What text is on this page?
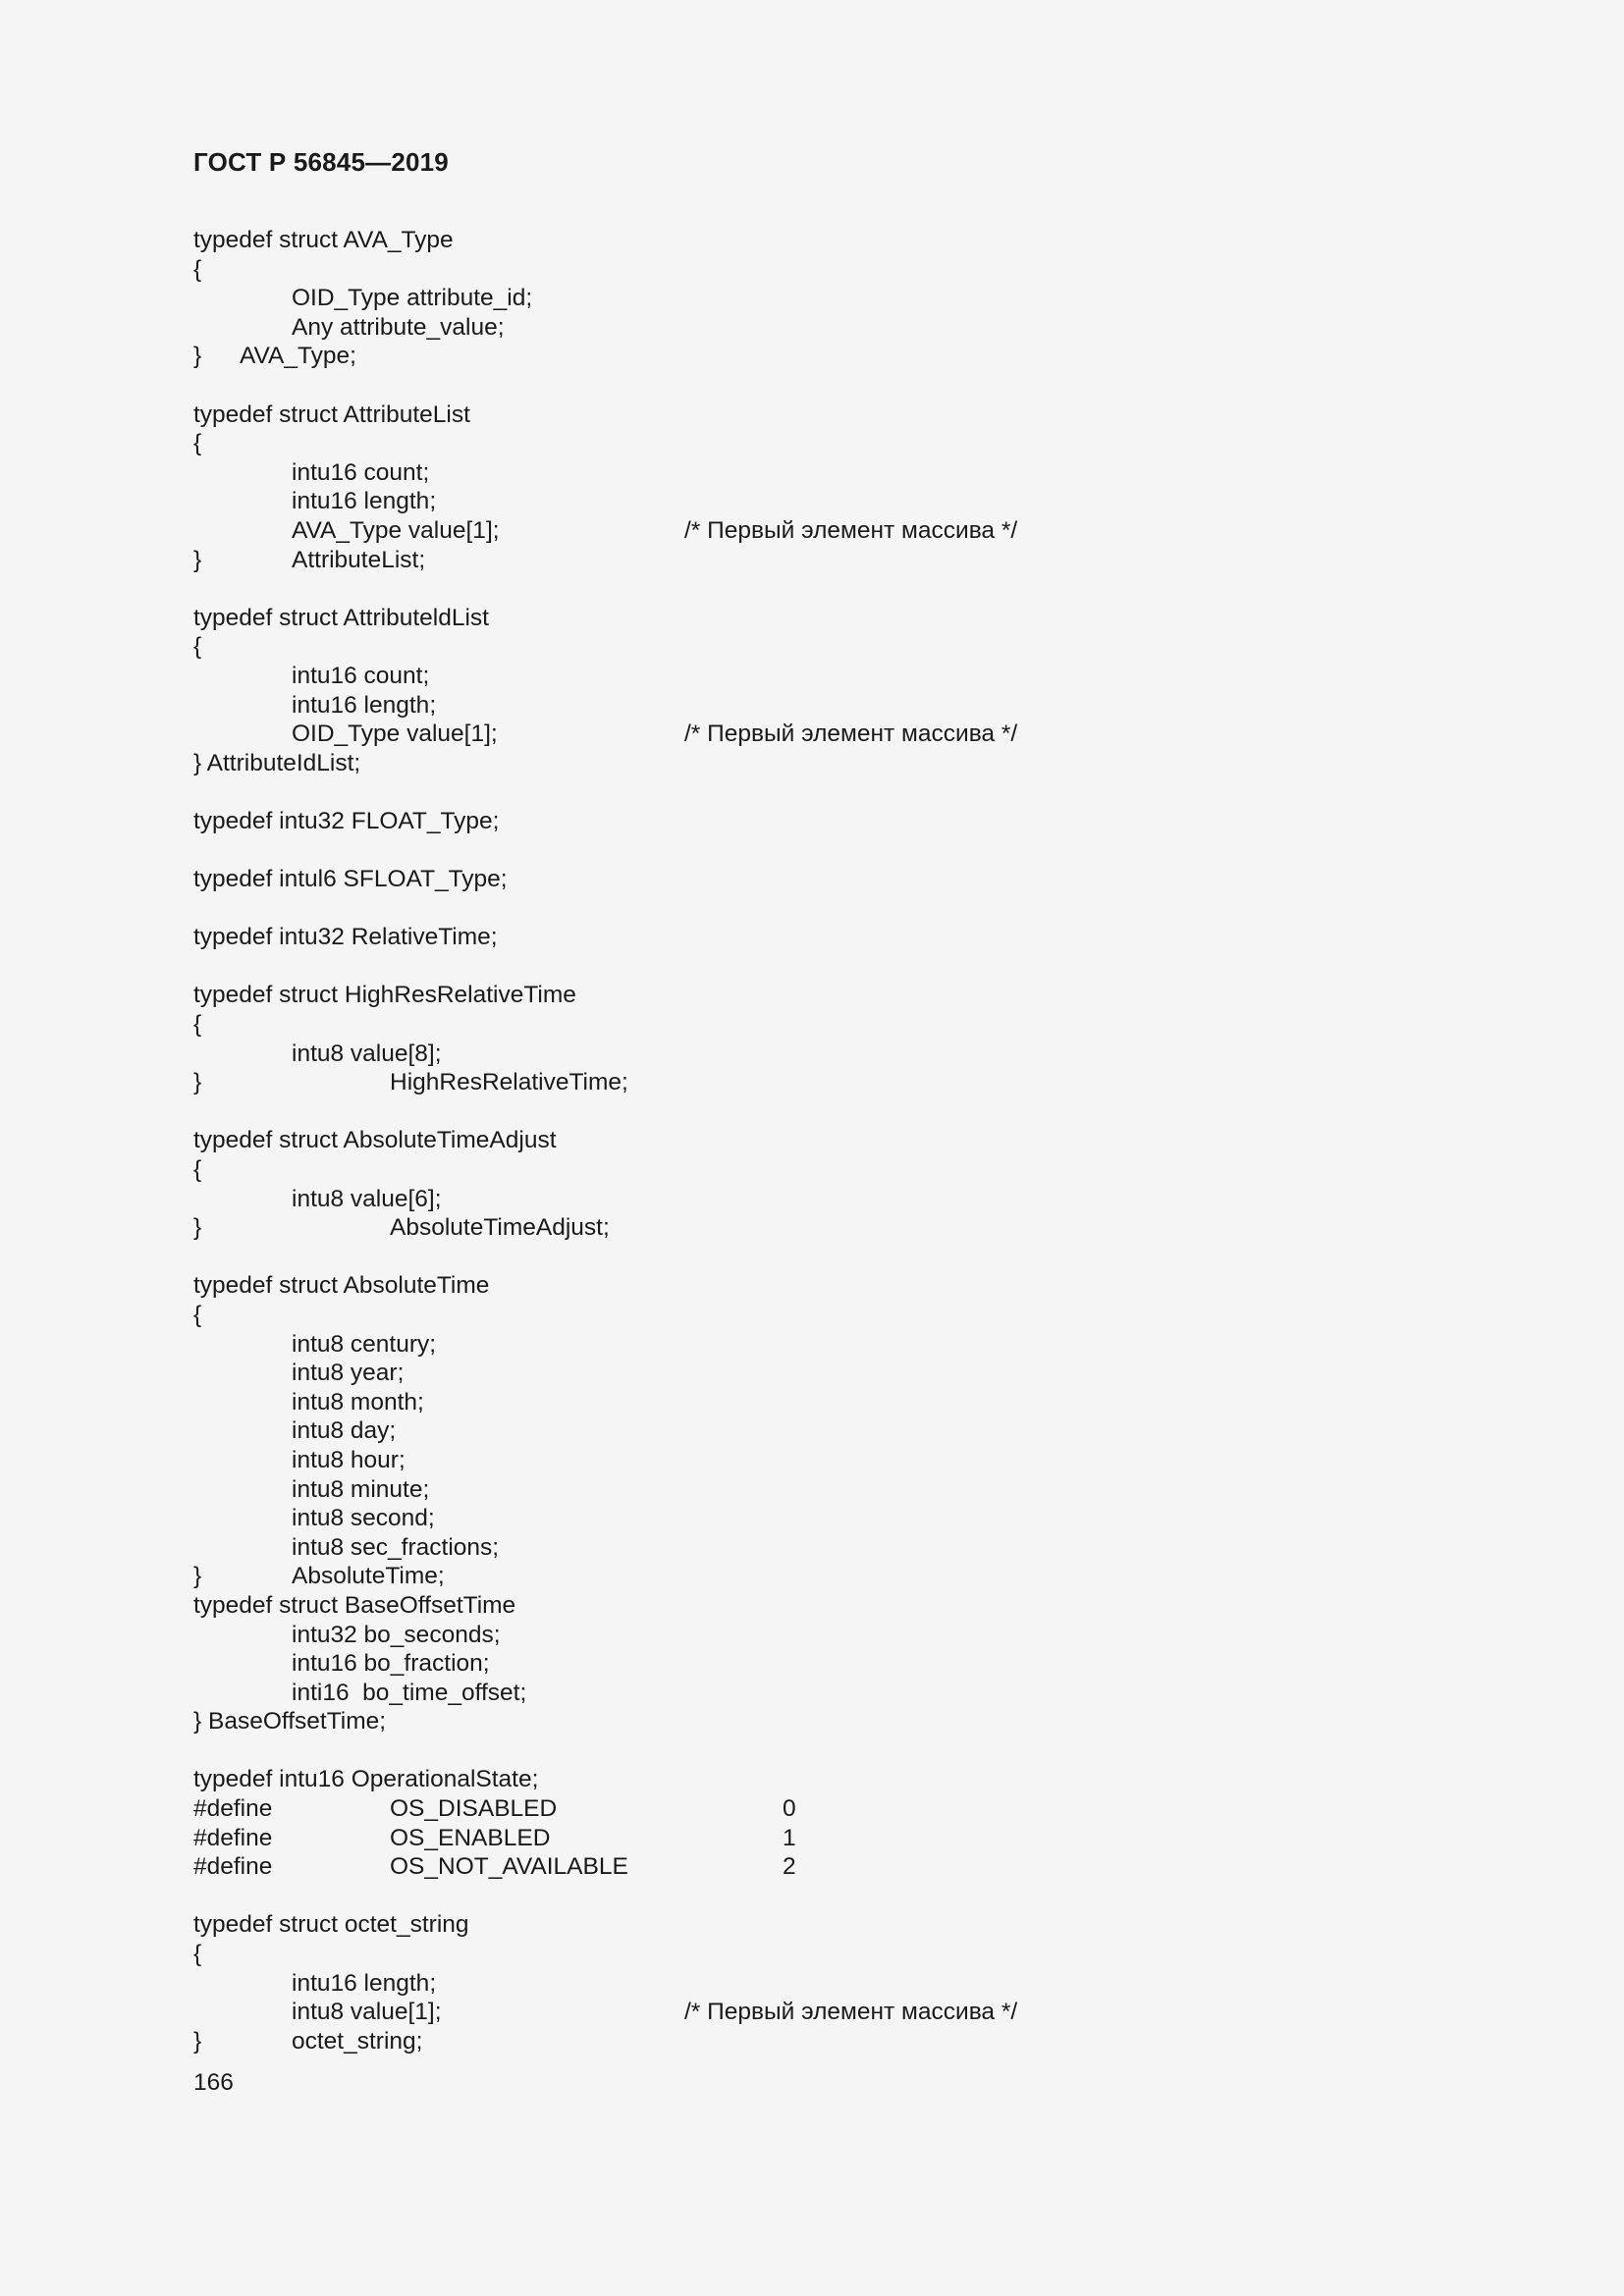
ГОСТ Р 56845—2019
typedef struct AVA_Type
{
OID_Type attribute_id;
Any attribute_value;
} AVA_Type;
typedef struct AttributeList
{
intu16 count;
intu16 length;
AVA_Type value[1];	/* Первый элемент массива */
}	AttributeList;
typedef struct AttributeldList
{
intu16 count;
intu16 length;
OID_Type value[1];	/* Первый элемент массива */
} AttributeIdList;
typedef intu32 FLOAT_Type;
typedef intul6 SFLOAT_Type;
typedef intu32 RelativeTime;
typedef struct HighResRelativeTime
{
intu8 value[8];
}	HighResRelativeTime;
typedef struct AbsoluteTimeAdjust
{
intu8 value[6];
}	AbsoluteTimeAdjust;
typedef struct AbsoluteTime
{
intu8 century;
intu8 year;
intu8 month;
intu8 day;
intu8 hour;
intu8 minute;
intu8 second;
intu8 sec_fractions;
}	AbsoluteTime;
typedef struct BaseOffsetTime
intu32 bo_seconds;
intu16 bo_fraction;
inti16  bo_time_offset;
} BaseOffsetTime;
typedef intu16 OperationalState;
#define	OS_DISABLED	0
#define	OS_ENABLED	1
#define	OS_NOT_AVAILABLE	2
typedef struct octet_string
{
intu16 length;
intu8 value[1];	/* Первый элемент массива */
}	octet_string;
166
